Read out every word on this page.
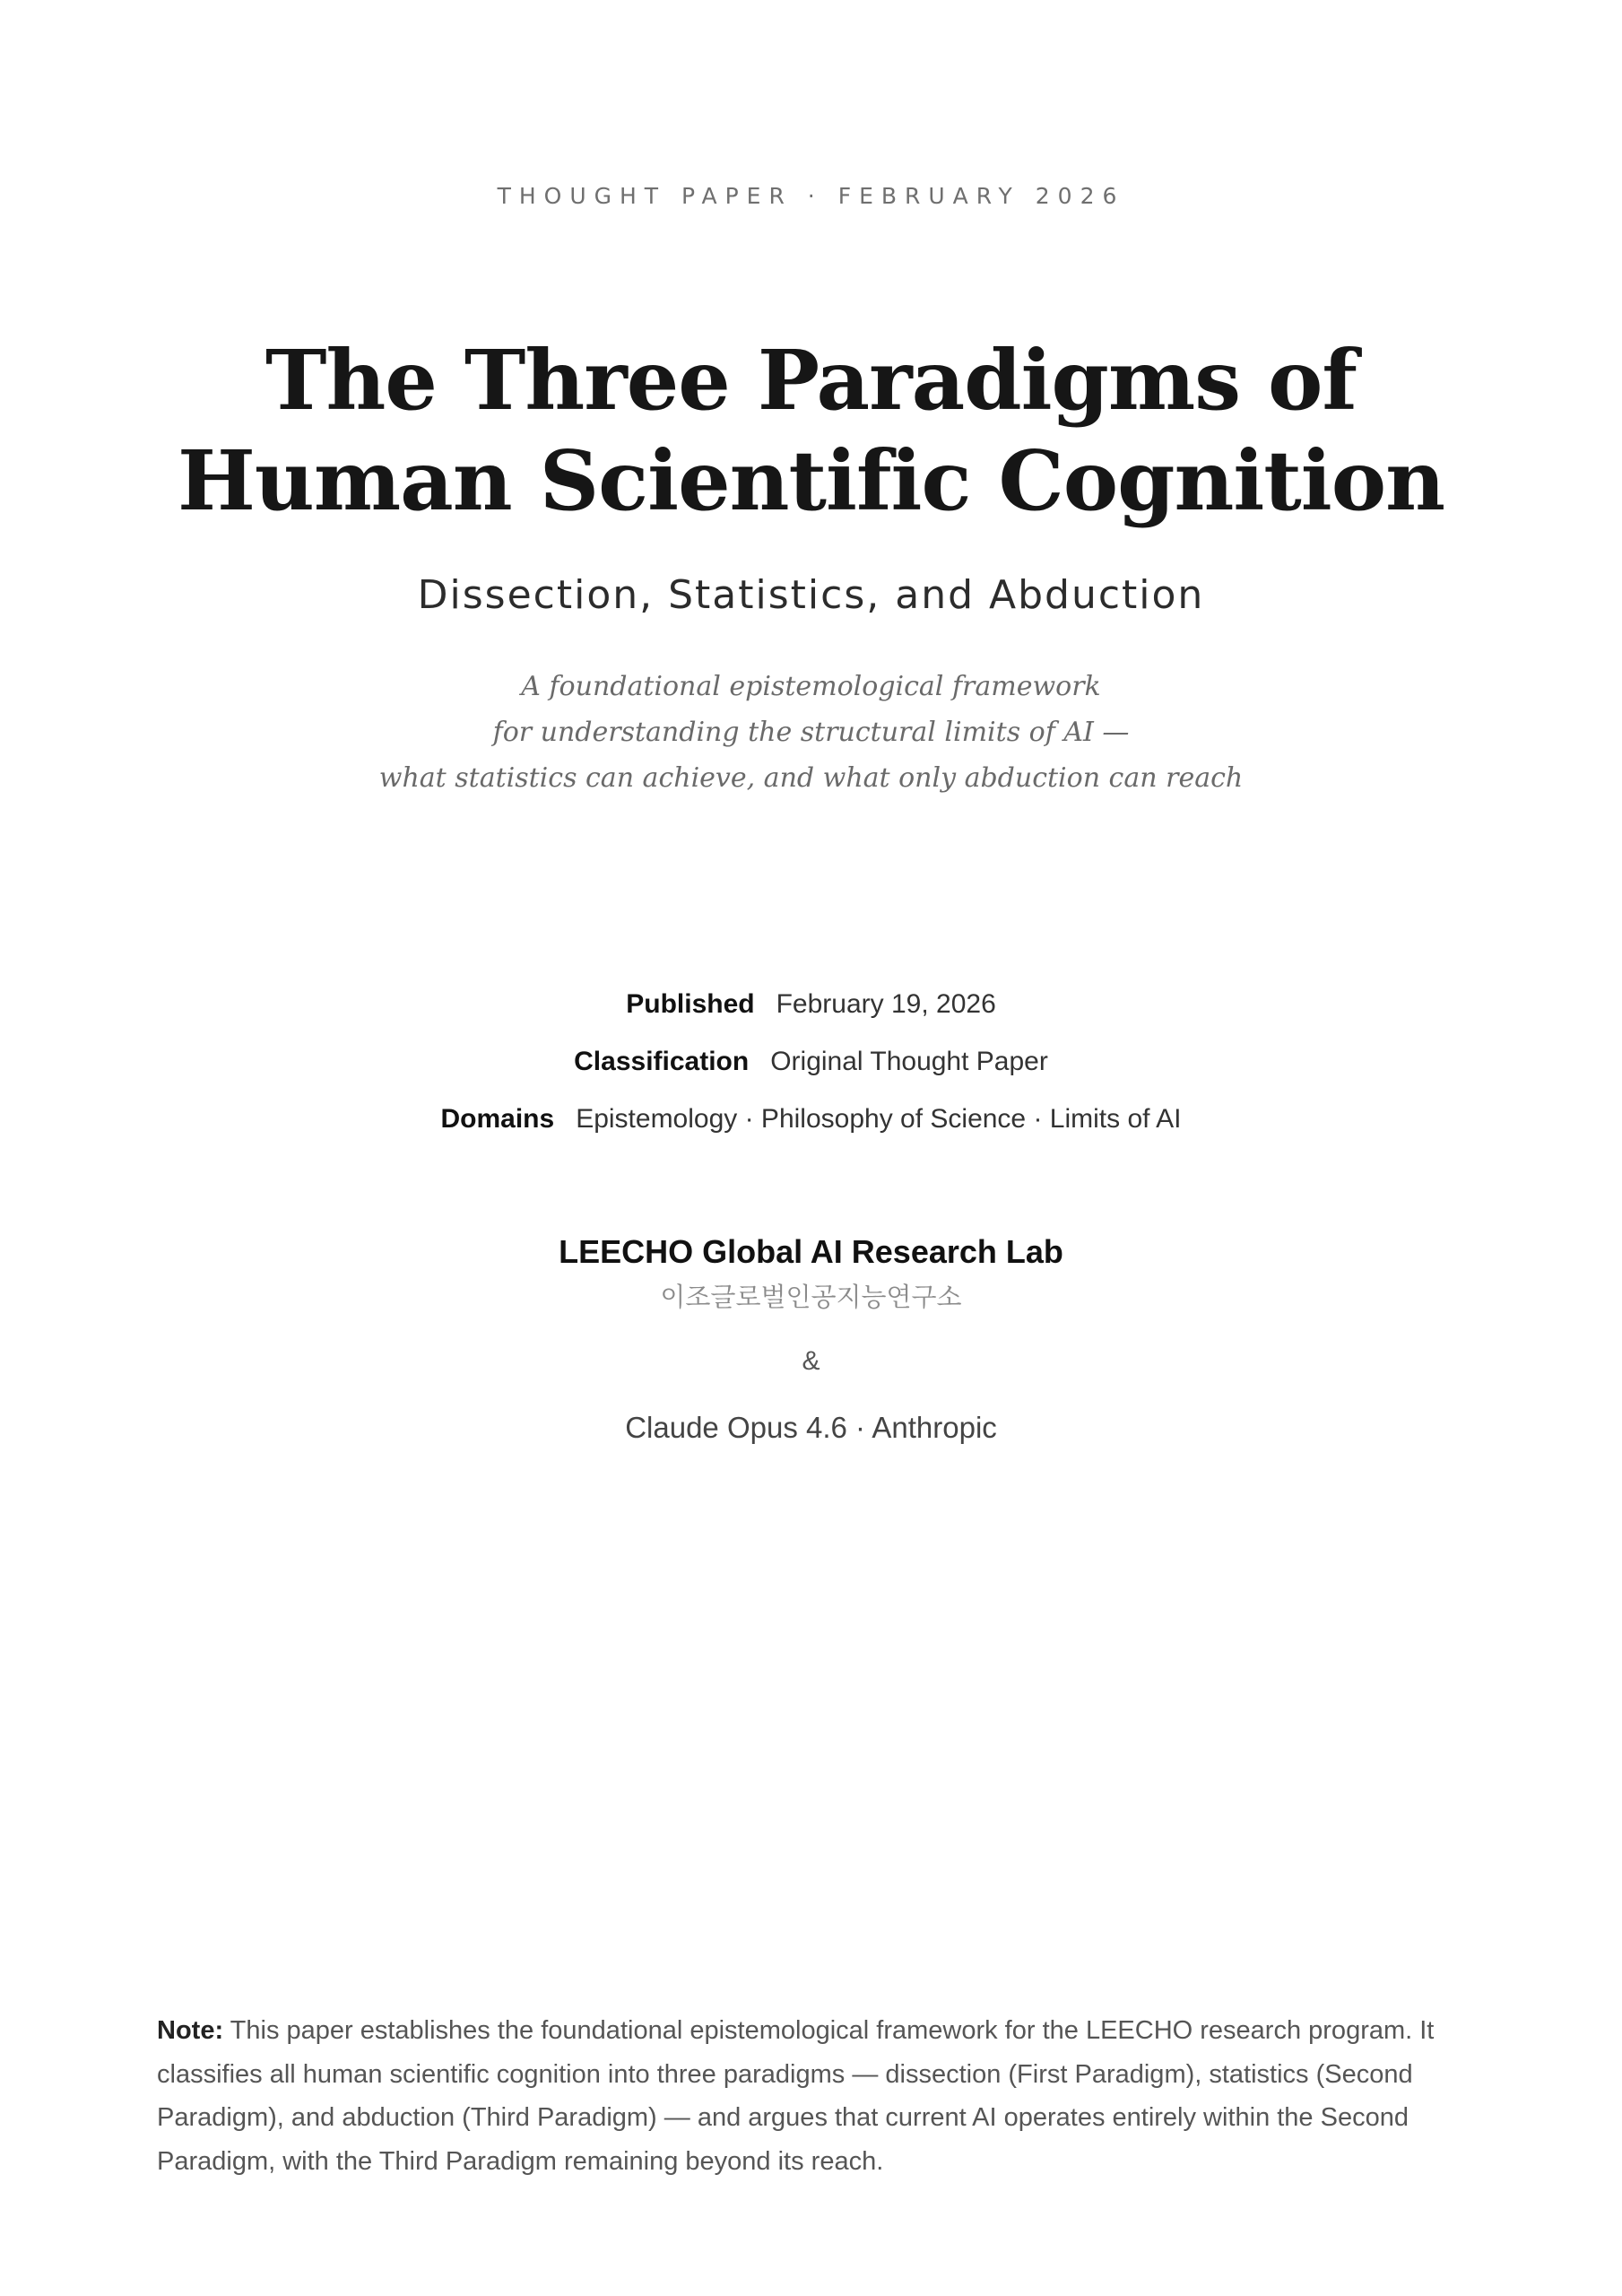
THOUGHT PAPER · FEBRUARY 2026
The Three Paradigms of
Human Scientific Cognition
Dissection, Statistics, and Abduction
A foundational epistemological framework
for understanding the structural limits of AI —
what statistics can achieve, and what only abduction can reach
Published February 19, 2026
Classification Original Thought Paper
Domains Epistemology · Philosophy of Science · Limits of AI
LEECHO Global AI Research Lab
이조글로벌인공지능연구소
&
Claude Opus 4.6 · Anthropic
Note: This paper establishes the foundational epistemological framework for the LEECHO research program. It classifies all human scientific cognition into three paradigms — dissection (First Paradigm), statistics (Second Paradigm), and abduction (Third Paradigm) — and argues that current AI operates entirely within the Second Paradigm, with the Third Paradigm remaining beyond its reach.
